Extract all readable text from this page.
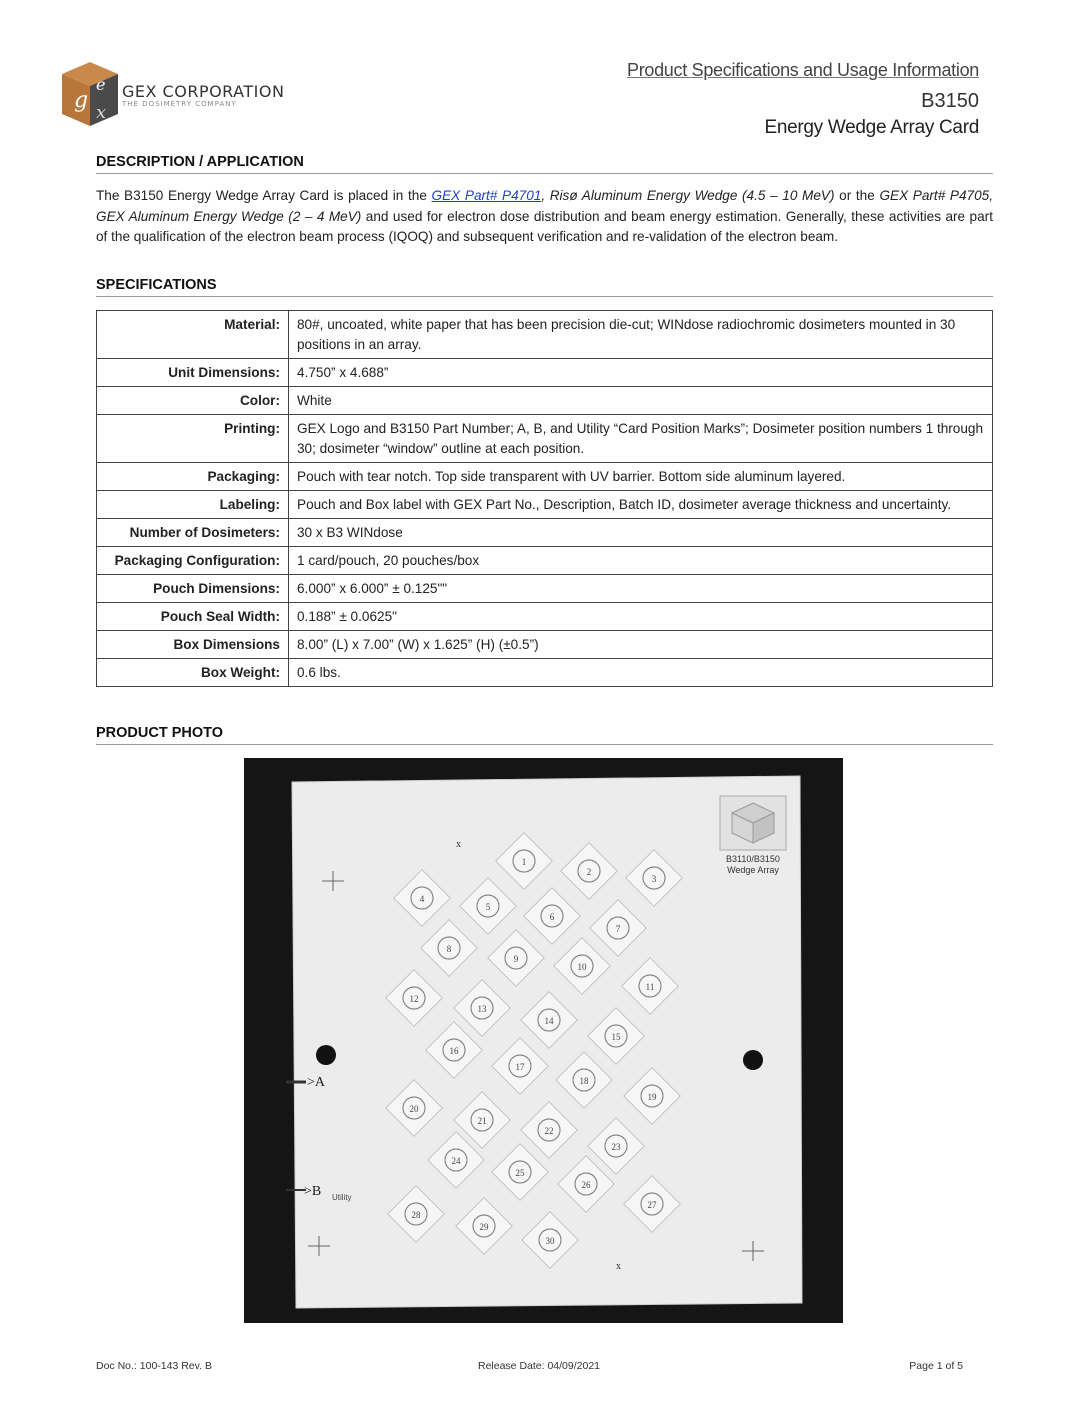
g
e
x
GEX CORPORATION
THE DOSIMETRY COMPANY
Product Specifications and Usage Information
B3150
Energy Wedge Array Card
DESCRIPTION / APPLICATION
The B3150 Energy Wedge Array Card is placed in the GEX Part# P4701, Risø Aluminum Energy Wedge (4.5 – 10 MeV) or the GEX Part# P4705, GEX Aluminum Energy Wedge (2 – 4 MeV) and used for electron dose distribution and beam energy estimation. Generally, these activities are part of the qualification of the electron beam process (IQOQ) and subsequent verification and re-validation of the electron beam.
SPECIFICATIONS
Material:	80#, uncoated, white paper that has been precision die-cut; WINdose radiochromic dosimeters mounted in 30 positions in an array.
Unit Dimensions:	4.750” x 4.688”
Color:	White
Printing:	GEX Logo and B3150 Part Number; A, B, and Utility “Card Position Marks”; Dosimeter position numbers 1 through 30; dosimeter “window” outline at each position.
Packaging:	Pouch with tear notch. Top side transparent with UV barrier. Bottom side aluminum layered.
Labeling:	Pouch and Box label with GEX Part No., Description, Batch ID, dosimeter average thickness and uncertainty.
Number of Dosimeters:	30 x B3 WINdose
Packaging Configuration:	1 card/pouch, 20 pouches/box
Pouch Dimensions:	6.000” x 6.000” ± 0.125""
Pouch Seal Width:	0.188” ± 0.0625"
Box Dimensions	8.00” (L) x 7.00” (W) x 1.625” (H) (±0.5”)
Box Weight:	0.6 lbs.
PRODUCT PHOTO
B3110/B3150
Wedge Array
>A
>B Utility
x
x
1
2
3
4
5
6
7
8
9
10
11
12
13
14
15
16
17
18
19
20
21
22
23
24
25
26
27
28
29
30
Doc No.: 100-143 Rev. B	Release Date: 04/09/2021	Page 1 of 5
